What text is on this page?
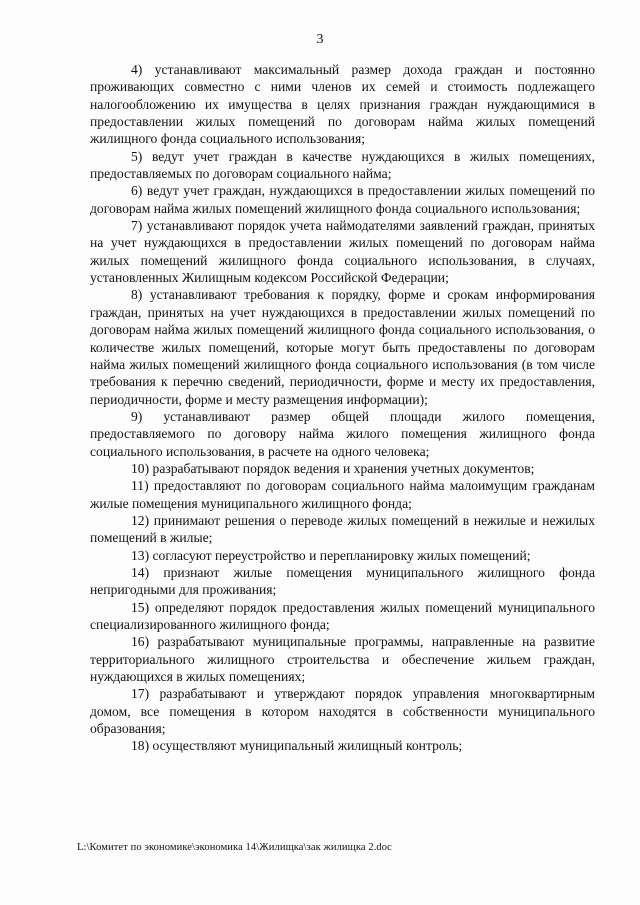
3

4) устанавливают максимальный размер дохода граждан и постоянно проживающих совместно с ними членов их семей и стоимость подлежащего налогообложению их имущества в целях признания граждан нуждающимися в предоставлении жилых помещений по договорам найма жилых помещений жилищного фонда социального использования;

5) ведут учет граждан в качестве нуждающихся в жилых помещениях, предоставляемых по договорам социального найма;

6) ведут учет граждан, нуждающихся в предоставлении жилых помещений по договорам найма жилых помещений жилищного фонда социального использования;

7) устанавливают порядок учета наймодателями заявлений граждан, принятых на учет нуждающихся в предоставлении жилых помещений по договорам найма жилых помещений жилищного фонда социального использования, в случаях, установленных Жилищным кодексом Российской Федерации;

8) устанавливают требования к порядку, форме и срокам информирования граждан, принятых на учет нуждающихся в предоставлении жилых помещений по договорам найма жилых помещений жилищного фонда социального использования, о количестве жилых помещений, которые могут быть предоставлены по договорам найма жилых помещений жилищного фонда социального использования (в том числе требования к перечню сведений, периодичности, форме и месту их предоставления, периодичности, форме и месту размещения информации);

9) устанавливают размер общей площади жилого помещения, предоставляемого по договору найма жилого помещения жилищного фонда социального использования, в расчете на одного человека;

10) разрабатывают порядок ведения и хранения учетных документов;

11) предоставляют по договорам социального найма малоимущим гражданам жилые помещения муниципального жилищного фонда;

12) принимают решения о переводе жилых помещений в нежилые и нежилых помещений в жилые;

13) согласуют переустройство и перепланировку жилых помещений;

14) признают жилые помещения муниципального жилищного фонда непригодными для проживания;

15) определяют порядок предоставления жилых помещений муниципального специализированного жилищного фонда;

16) разрабатывают муниципальные программы, направленные на развитие территориального жилищного строительства и обеспечение жильем граждан, нуждающихся в жилых помещениях;

17) разрабатывают и утверждают порядок управления многоквартирным домом, все помещения в котором находятся в собственности муниципального образования;

18) осуществляют муниципальный жилищный контроль;

L:\Комитет по экономике\экономика 14\Жилищка\зак жилищка 2.doc
